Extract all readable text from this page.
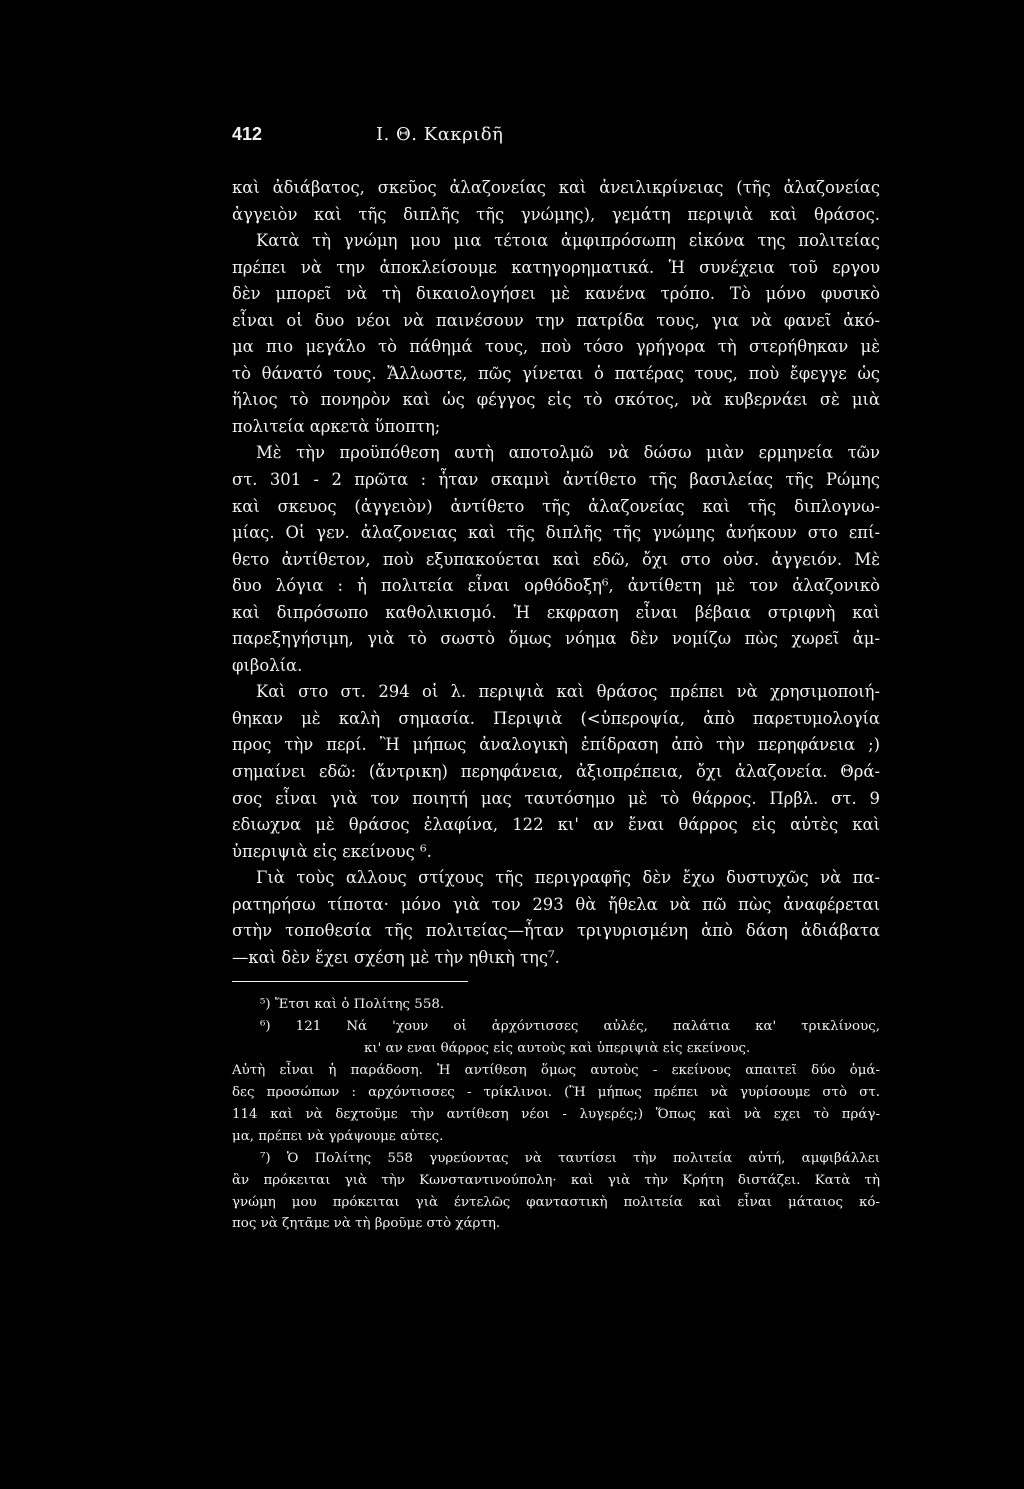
412	Ι. Θ. Κακριδῆ
καὶ ἀδιάβατος, σκεῦος ἀλαζονείας καὶ ἀνειλικρίνειας (τῆς ἀλαζονείας
ἀγγειὸν καὶ τῆς διπλῆς τῆς γνώμης), γεμάτη περιψιὰ καὶ θράσος.
Κατὰ τὴ γνώμη μου μια τέτοια ἀμφιπρόσωπη εἰκόνα της πολιτείας
πρέπει νὰ την ἀποκλείσουμε κατηγορηματικά. Ἡ συνέχεια τοῦ εργου
δὲν μπορεῖ νὰ τὴ δικαιολογήσει μὲ κανένα τρόπο. Τὸ μόνο φυσικὸ
εἶναι οἱ δυο νέοι νὰ παινέσουν την πατρίδα τους, για νὰ φανεῖ ἀκό-
μα πιο μεγάλο τὸ πάθημά τους, ποὺ τόσο γρήγορα τὴ στερήθηκαν μὲ
τὸ θάνατό τους. Ἄλλωστε, πῶς γίνεται ὁ πατέρας τους, ποὺ ἔφεγγε ὡς
ἥλιος τὸ πονηρὸν καὶ ὡς φέγγος εἰς τὸ σκότος, νὰ κυβερνάει σὲ μιὰ
πολιτεία αρκετὰ ὕποπτη;
Μὲ τὴν προϋπόθεση αυτὴ αποτολμῶ νὰ δώσω μιὰν ερμηνεία τῶν
στ. 301 - 2 πρῶτα : ἦταν σκαμνὶ ἀντίθετο τῆς βασιλείας τῆς Ρώμης
καὶ σκευος (ἀγγειὸν) ἀντίθετο τῆς ἀλαζονείας καὶ τῆς διπλογνω-
μίας. Οἱ γεν. ἀλαζονειας καὶ τῆς διπλῆς τῆς γνώμης ἀνήκουν στο επί-
θετο ἀντίθετον, ποὺ εξυπακούεται καὶ εδῶ, ὄχι στο οὐσ. ἀγγειόν. Μὲ
δυο λόγια : ἡ πολιτεία εἶναι ορθόδοξη⁶, ἀντίθετη μὲ τον ἀλαζονικὸ
καὶ διπρόσωπο καθολικισμό. Ἡ εκφραση εἶναι βέβαια στριφνὴ καὶ
παρεξηγήσιμη, γιὰ τὸ σωστὸ ὅμως νόημα δὲν νομίζω πὼς χωρεῖ ἀμ-
φιβολία.
Καὶ στο στ. 294 οἱ λ. περιψιὰ καὶ θράσος πρέπει νὰ χρησιμοποιή-
θηκαν μὲ καλὴ σημασία. Περιψιὰ (<ὑπεροψία, ἀπὸ παρετυμολογία
προς τὴν περί. Ἢ μήπως ἀναλογικὴ ἐπίδραση ἀπὸ τὴν περηφάνεια ;)
σημαίνει εδῶ: (ἄντρικη) περηφάνεια, ἀξιοπρέπεια, ὄχι ἀλαζονεία. Θρά-
σος εἶναι γιὰ τον ποιητή μας ταυτόσημο μὲ τὸ θάρρος. Πρβλ. στ. 9
εδιωχνα μὲ θράσος ἐλαφίνα, 122 κι' αν ἔναι θάρρος εἰς αὐτὲς καὶ
ὑπεριψιὰ εἰς εκείνους ⁶.
Γιὰ τοὺς αλλους στίχους τῆς περιγραφῆς δὲν ἔχω δυστυχῶς νὰ πα-
ρατηρήσω τίποτα· μόνο γιὰ τον 293 θὰ ἤθελα νὰ πῶ πὼς ἀναφέρεται
στὴν τοποθεσία τῆς πολιτείας—ἦταν τριγυρισμένη ἀπὸ δάση ἀδιάβατα
—καὶ δὲν ἔχει σχέση μὲ τὴν ηθικὴ της⁷.
⁵) Ἔτσι καὶ ὁ Πολίτης 558.
⁶) 121 Νά 'χουν οἱ ἀρχόντισσες αὐλές, παλάτια κα' τρικλίνους,
κι' αν εναι θάρρος εἰς αυτοὺς καὶ ὑπεριψιὰ εἰς εκείνους.
Αὐτὴ εἶναι ἡ παράδοση. Ἡ αντίθεση ὅμως αυτοὺς - εκείνους απαιτεῖ δύο ὁμά-
δες προσώπων : αρχόντισσες - τρίκλινοι. (Ἢ μήπως πρέπει νὰ γυρίσουμε στὸ στ.
114 καὶ νὰ δεχτοῦμε τὴν αντίθεση νέοι - λυγερές;) Ὅπως καὶ νὰ εχει τὸ πράγ-
μα, πρέπει νὰ γράψουμε αὐτες.
⁷) Ὁ Πολίτης 558 γυρεύοντας νὰ ταυτίσει τὴν πολιτεία αὐτή, αμφιβάλλει
ἂν πρόκειται γιὰ τὴν Κωνσταντινούπολη· καὶ γιὰ τὴν Κρήτη διστάζει. Κατὰ τὴ
γνώμη μου πρόκειται γιὰ έντελῶς φανταστικὴ πολιτεία καὶ εἶναι μάταιος κό-
πος νὰ ζητᾶμε νὰ τὴ βροῦμε στὸ χάρτη.
